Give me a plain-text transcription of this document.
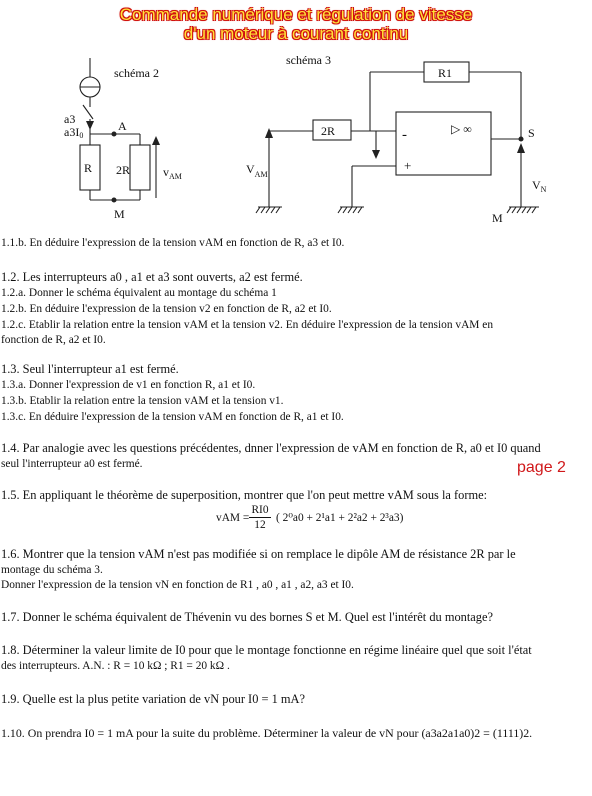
Commande numérique et régulation de vitesse
d'un moteur à courant continu
schéma 2
a3
a3I0
A
R 2R
M
$v_{AM}$
schéma 3
R1
2R	-
+
▷ ∞	S
$V_{AM}$
$V_N$
M
1.1.b. En déduire l'expression de la tension vAM en fonction de R, a3 et I0.
1.2. Les interrupteurs a0 , a1 et a3 sont ouverts, a2 est fermé.
1.2.a. Donner le schéma équivalent au montage du schéma 1
1.2.b. En déduire l'expression de la tension v2 en fonction de R, a2 et I0.
1.2.c. Etablir la relation entre la tension vAM et la tension v2. En déduire l'expression de la tension vAM en
fonction de R, a2 et I0.
1.3. Seul l'interrupteur a1 est fermé.
1.3.a. Donner l'expression de v1 en fonction R, a1 et I0.
1.3.b. Etablir la relation entre la tension vAM et la tension v1.
1.3.c. En déduire l'expression de la tension vAM en fonction de R, a1 et I0.
1.4. Par analogie avec les questions précédentes, dnner l'expression de vAM en fonction de R, a0 et I0 quand
seul l'interrupteur a0 est fermé.	page 2
1.5. En appliquant le théorème de superposition, montrer que l'on peut mettre vAM sous la forme:
vAM =
RI0
12
( 2⁰a0 + 2¹a1 + 2²a2 + 2³a3)
1.6. Montrer que la tension vAM n'est pas modifiée si on remplace le dipôle AM de résistance 2R par le
montage du schéma 3.
Donner l'expression de la tension vN en fonction de R1 , a0 , a1 , a2, a3 et I0.
1.7. Donner le schéma équivalent de Thévenin vu des bornes S et M. Quel est l'intérêt du montage?
1.8. Déterminer la valeur limite de I0 pour que le montage fonctionne en régime linéaire quel que soit l'état
des interrupteurs. A.N. : R = 10 kΩ ; R1 = 20 kΩ .
1.9. Quelle est la plus petite variation de vN pour I0 = 1 mA?
1.10. On prendra I0 = 1 mA pour la suite du problème. Déterminer la valeur de vN pour (a3a2a1a0)2 = (1111)2.
